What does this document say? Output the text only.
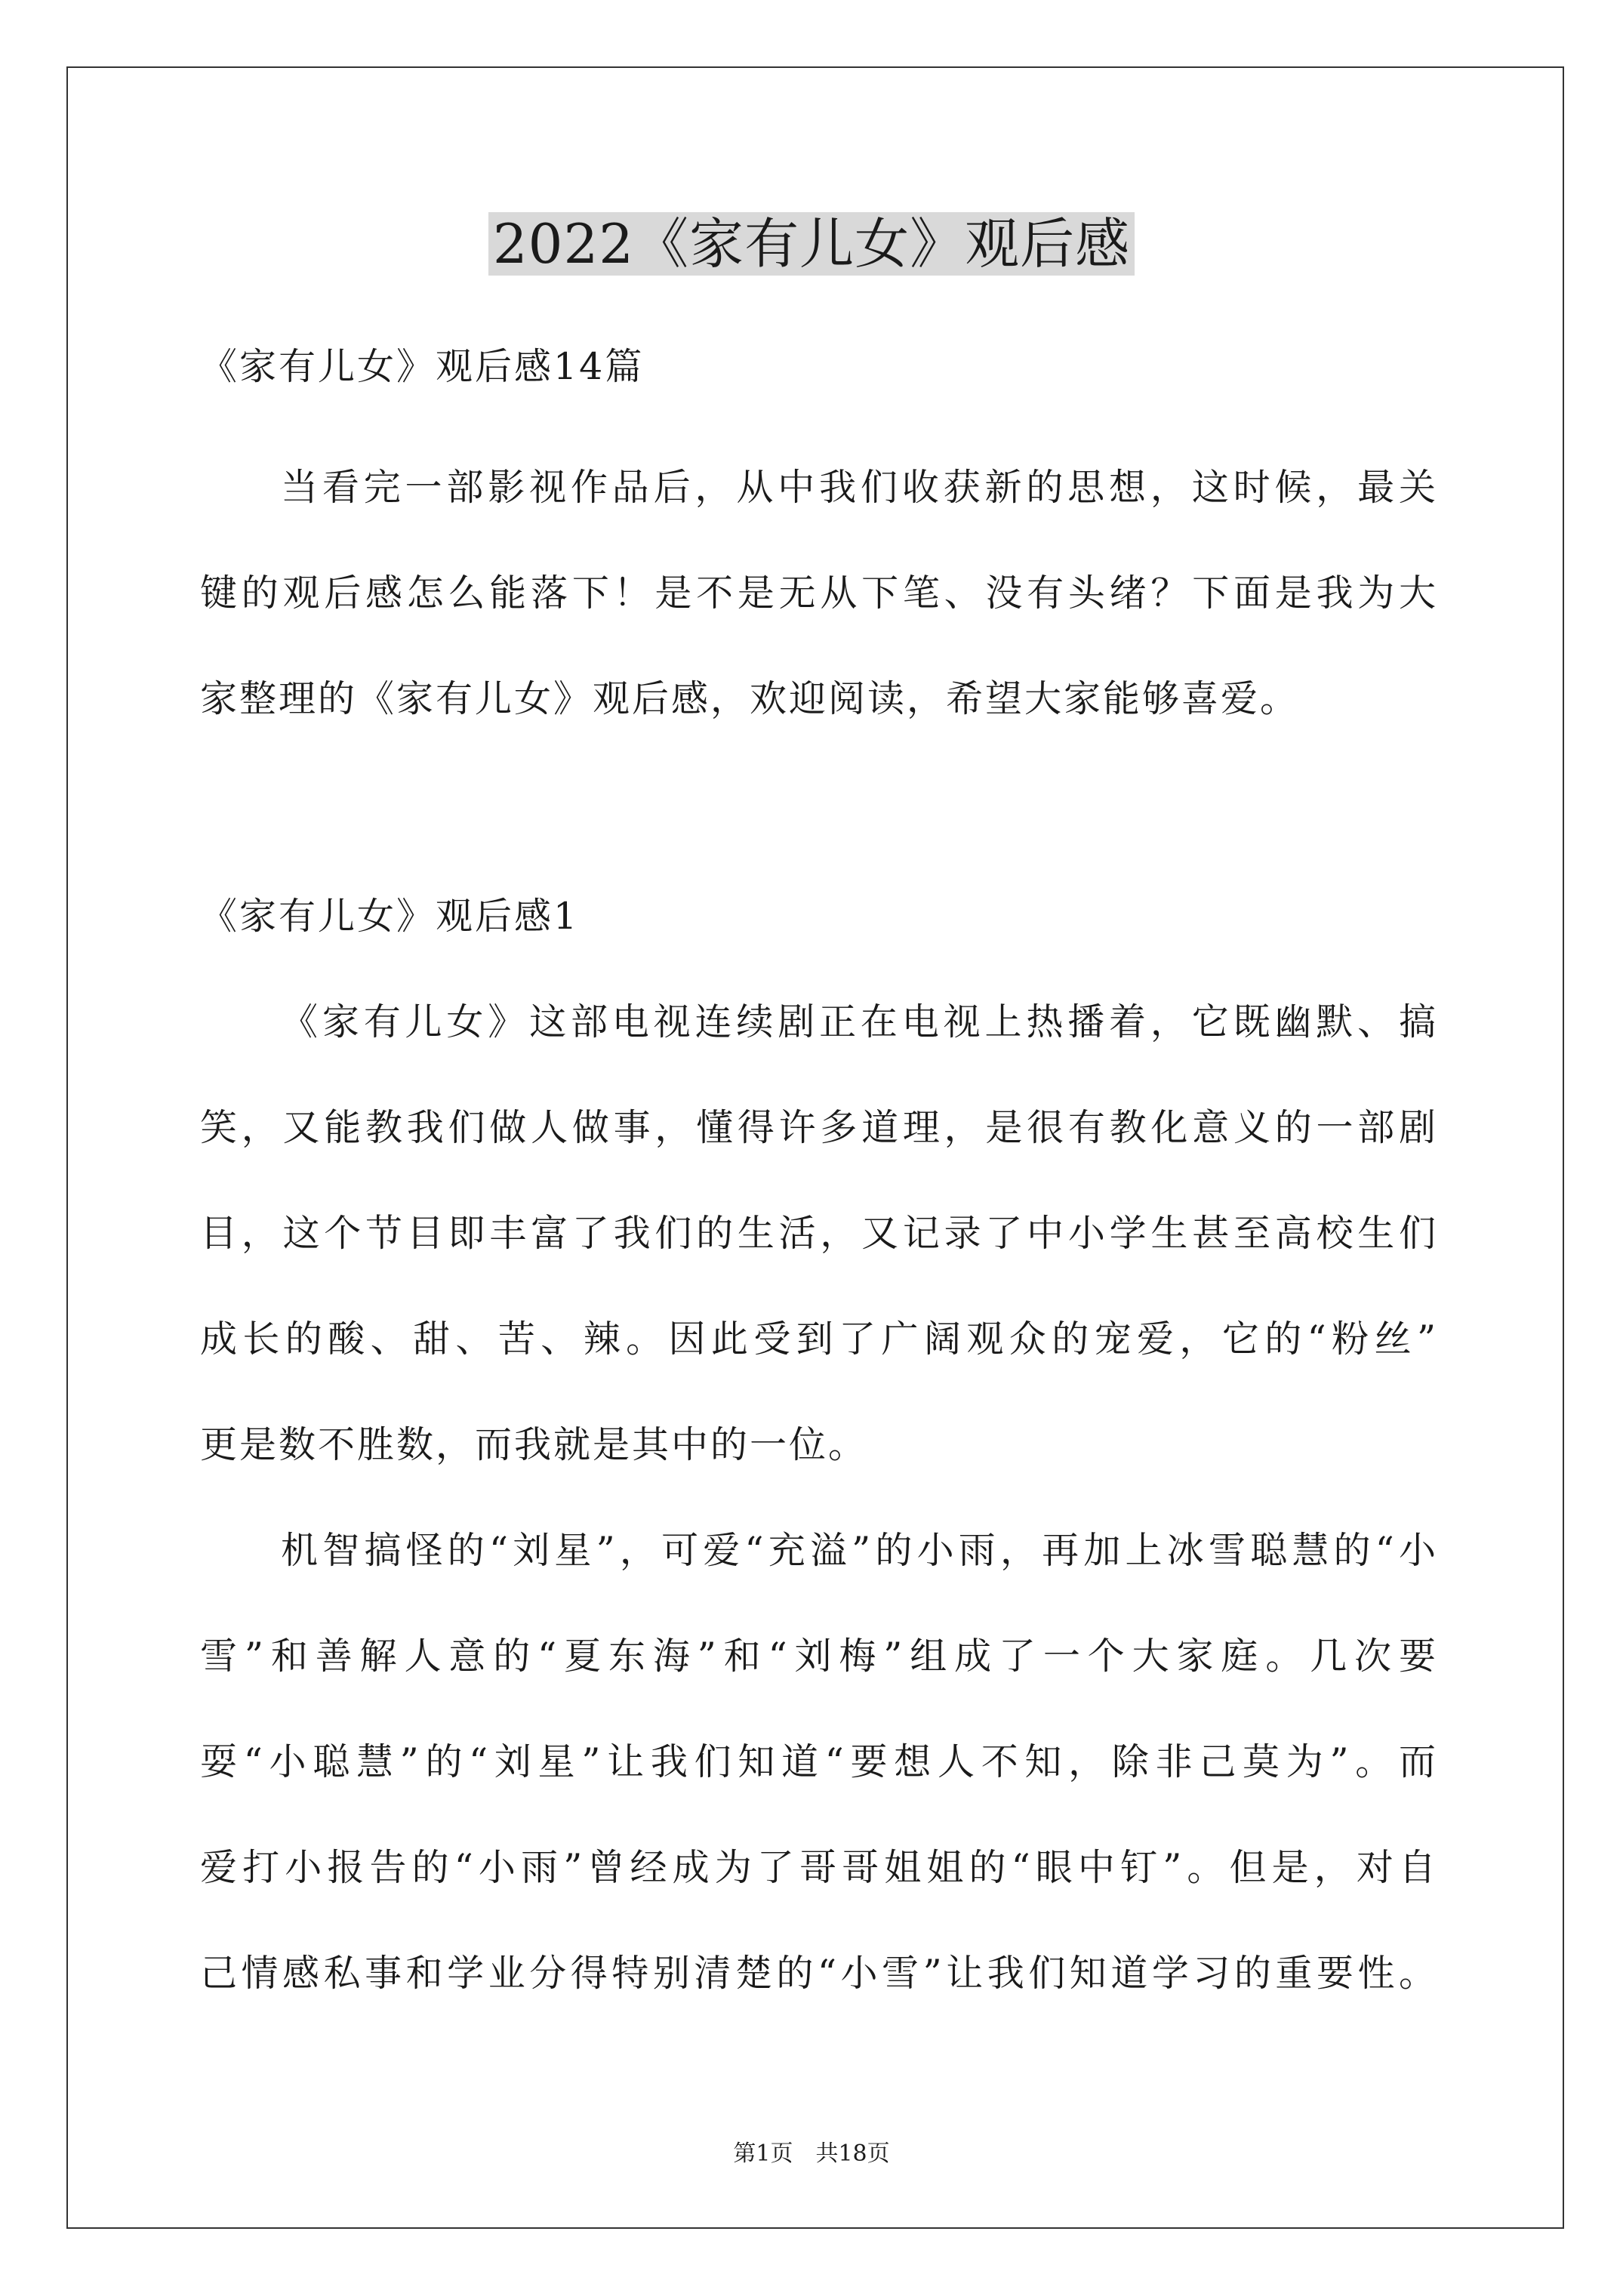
2022《家有儿女》观后感
《家有儿女》观后感14篇
当看完一部影视作品后，从中我们收获新的思想，这时候，最关
键的观后感怎么能落下！是不是无从下笔、没有头绪？下面是我为大
家整理的《家有儿女》观后感，欢迎阅读，希望大家能够喜爱。
《家有儿女》观后感1
《家有儿女》这部电视连续剧正在电视上热播着，它既幽默、搞
笑，又能教我们做人做事，懂得许多道理，是很有教化意义的一部剧
目，这个节目即丰富了我们的生活，又记录了中小学生甚至高校生们
成长的酸、甜、苦、辣。因此受到了广阔观众的宠爱，它的“粉丝”
更是数不胜数，而我就是其中的一位。
机智搞怪的“刘星”，可爱“充溢”的小雨，再加上冰雪聪慧的“小
雪”和善解人意的“夏东海”和“刘梅”组成了一个大家庭。几次要
耍“小聪慧”的“刘星”让我们知道“要想人不知，除非己莫为”。而
爱打小报告的“小雨”曾经成为了哥哥姐姐的“眼中钉”。但是，对自
己情感私事和学业分得特别清楚的“小雪”让我们知道学习的重要性。
第1页　共18页
